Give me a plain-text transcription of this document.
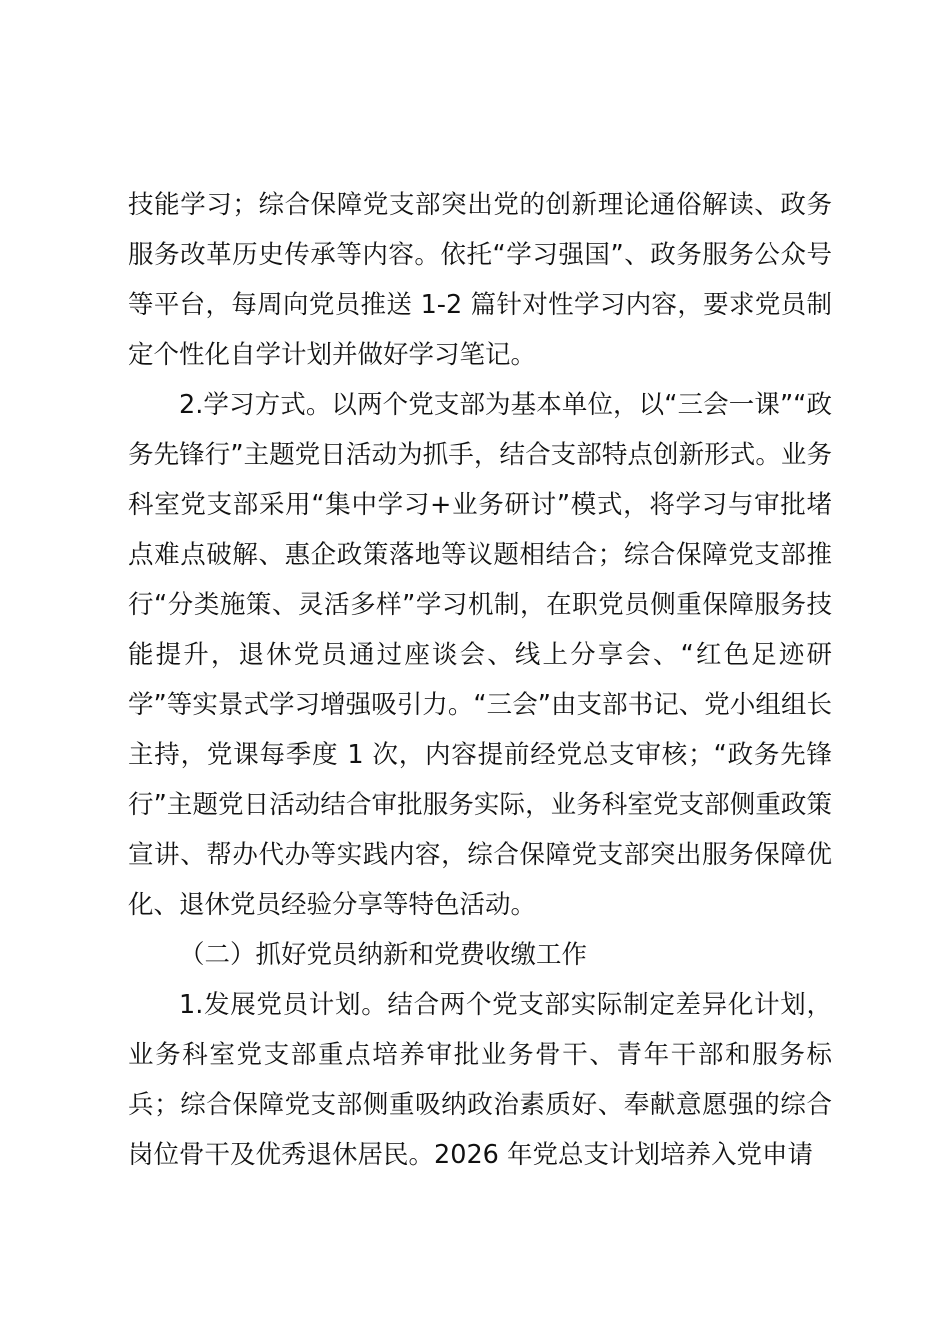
技能学习；综合保障党支部突出党的创新理论通俗解读、政务服务改革历史传承等内容。依托“学习强国”、政务服务公众号等平台，每周向党员推送 1-2 篇针对性学习内容，要求党员制定个性化自学计划并做好学习笔记。

2.学习方式。以两个党支部为基本单位，以“三会一课”“政务先锋行”主题党日活动为抓手，结合支部特点创新形式。业务科室党支部采用“集中学习+业务研讨”模式，将学习与审批堵点难点破解、惠企政策落地等议题相结合；综合保障党支部推行“分类施策、灵活多样”学习机制，在职党员侧重保障服务技能提升，退休党员通过座谈会、线上分享会、“红色足迹研学”等实景式学习增强吸引力。“三会”由支部书记、党小组组长主持，党课每季度 1 次，内容提前经党总支审核；“政务先锋行”主题党日活动结合审批服务实际，业务科室党支部侧重政策宣讲、帮办代办等实践内容，综合保障党支部突出服务保障优化、退休党员经验分享等特色活动。

（二）抓好党员纳新和党费收缴工作

1.发展党员计划。结合两个党支部实际制定差异化计划，业务科室党支部重点培养审批业务骨干、青年干部和服务标兵；综合保障党支部侧重吸纳政治素质好、奉献意愿强的综合岗位骨干及优秀退休居民。2026 年党总支计划培养入党申请
